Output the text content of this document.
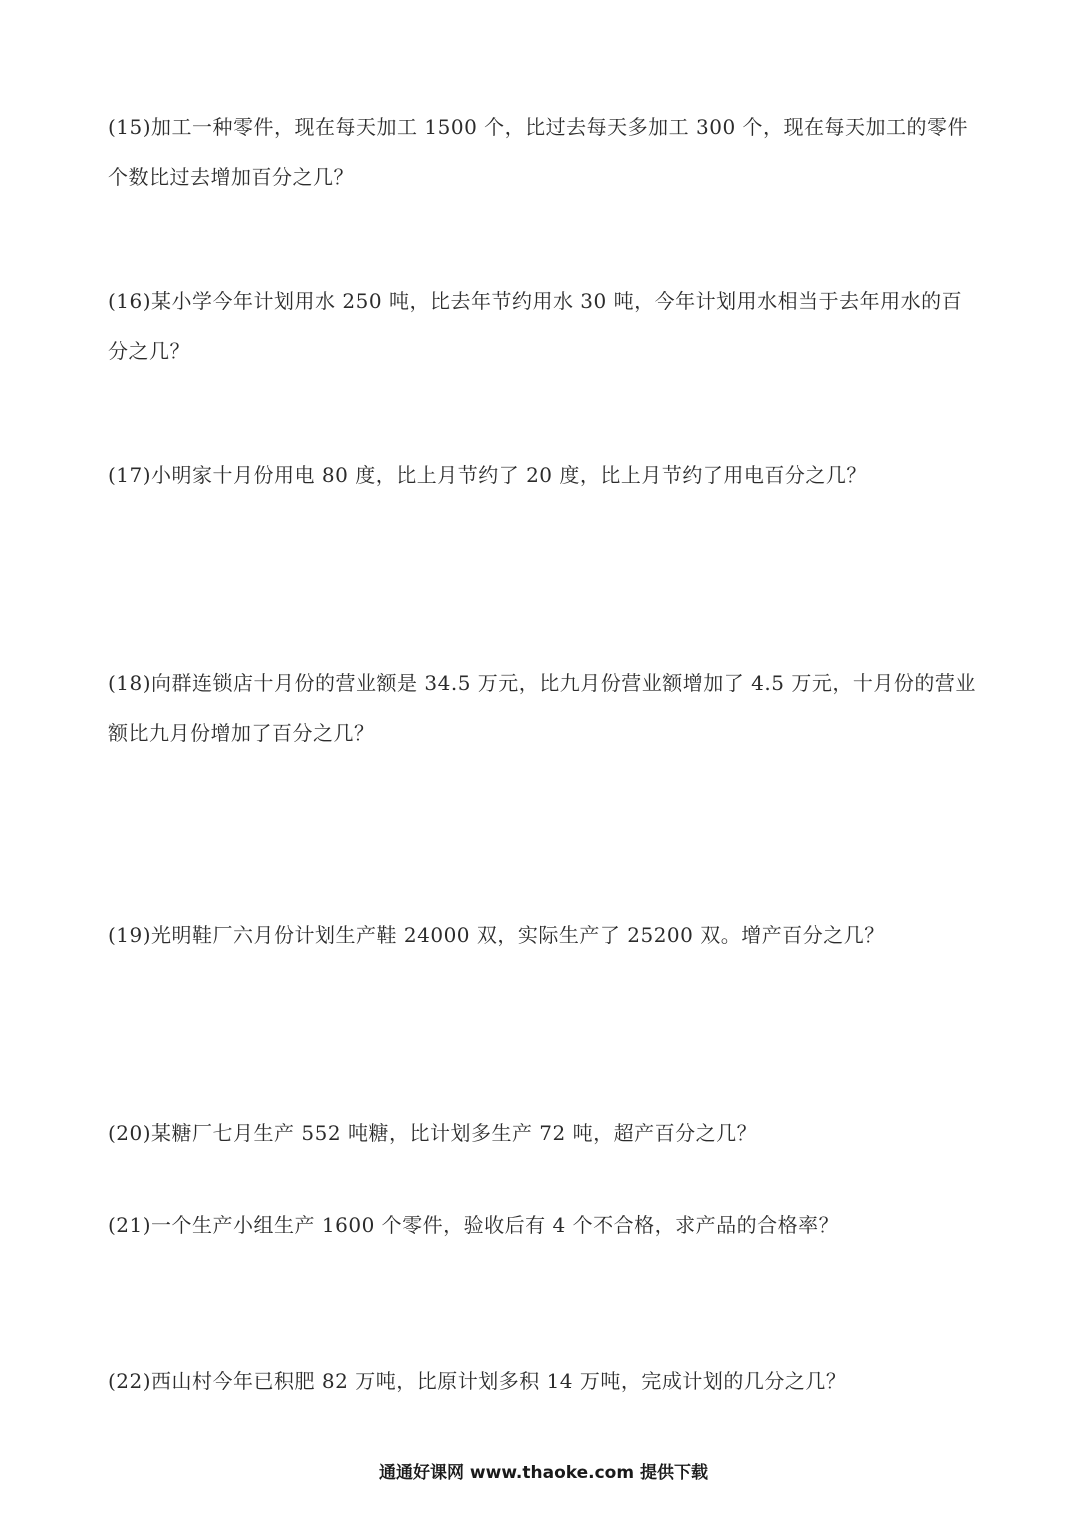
(15)加工一种零件，现在每天加工 1500 个，比过去每天多加工 300 个，现在每天加工的零件个数比过去增加百分之几？

(16)某小学今年计划用水 250 吨，比去年节约用水 30 吨，今年计划用水相当于去年用水的百分之几？

(17)小明家十月份用电 80 度，比上月节约了 20 度，比上月节约了用电百分之几？

(18)向群连锁店十月份的营业额是 34.5 万元，比九月份营业额增加了 4.5 万元，十月份的营业额比九月份增加了百分之几？

(19)光明鞋厂六月份计划生产鞋 24000 双，实际生产了 25200 双。增产百分之几？

(20)某糖厂七月生产 552 吨糖，比计划多生产 72 吨，超产百分之几？

(21)一个生产小组生产 1600 个零件，验收后有 4 个不合格，求产品的合格率？

(22)西山村今年已积肥 82 万吨，比原计划多积 14 万吨，完成计划的几分之几？

通通好课网 www.thaoke.com 提供下载
